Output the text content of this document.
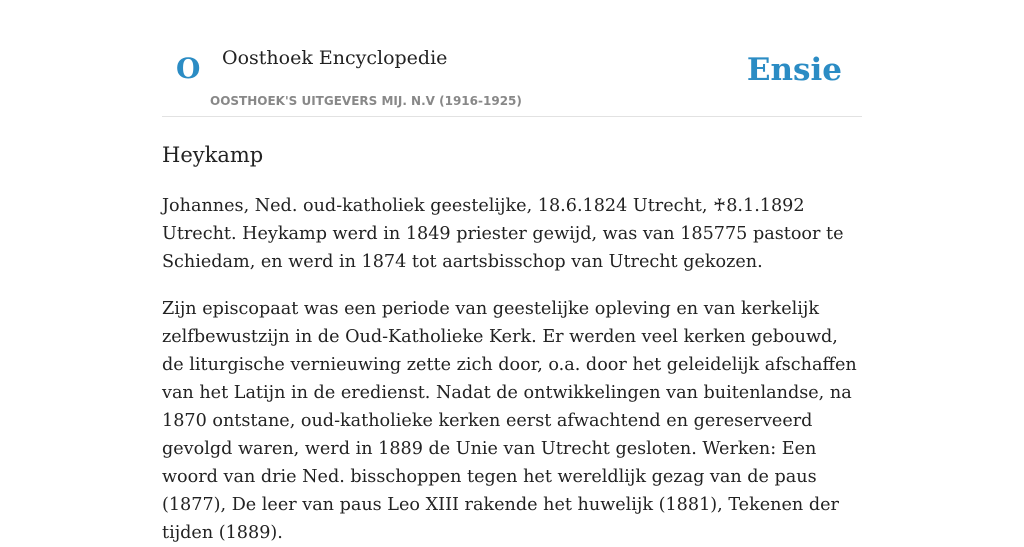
O Oosthoek Encyclopedie
OOSTHOEK'S UITGEVERS MIJ. N.V (1916-1925)
Ensie
Heykamp

Johannes, Ned. oud-katholiek geestelijke, 18.6.1824 Utrecht, ♰8.1.1892 Utrecht. Heykamp werd in 1849 priester gewijd, was van 185775 pastoor te Schiedam, en werd in 1874 tot aartsbisschop van Utrecht gekozen.

Zijn episcopaat was een periode van geestelijke opleving en van kerkelijk zelfbewustzijn in de Oud-Katholieke Kerk. Er werden veel kerken gebouwd, de liturgische vernieuwing zette zich door, o.a. door het geleidelijk afschaffen van het Latijn in de eredienst. Nadat de ontwikkelingen van buitenlandse, na 1870 ontstane, oud-katholieke kerken eerst afwachtend en gereserveerd gevolgd waren, werd in 1889 de Unie van Utrecht gesloten. Werken: Een woord van drie Ned. bisschoppen tegen het wereldlijk gezag van de paus (1877), De leer van paus Leo XIII rakende het huwelijk (1881), Tekenen der tijden (1889).
